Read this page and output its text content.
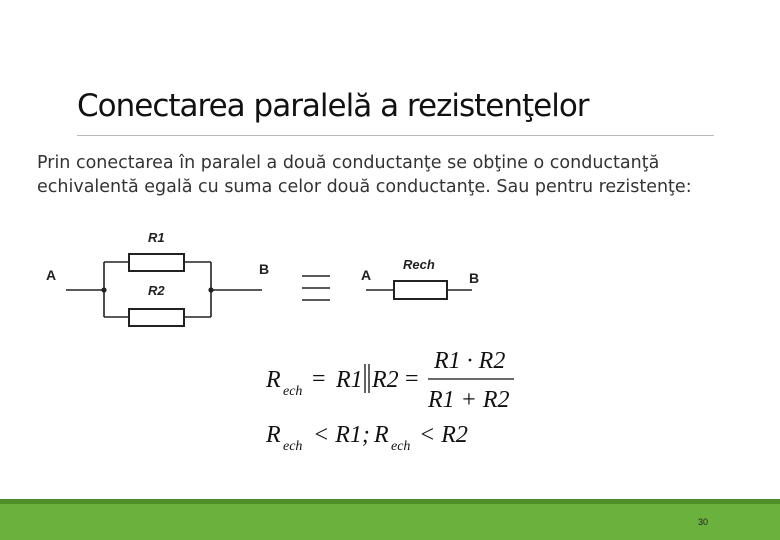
Conectarea paralelă a rezistenţelor
Prin conectarea în paralel a două conductanţe se obţine o conductanţă echivalentă egală cu suma celor două conductanţe. Sau pentru rezistenţe:
R1
R2
A	B	A
Rech
B
R ech = R1 R2 =
R1 · R2
R1 + R2
R ech < R1; R ech < R2
30
